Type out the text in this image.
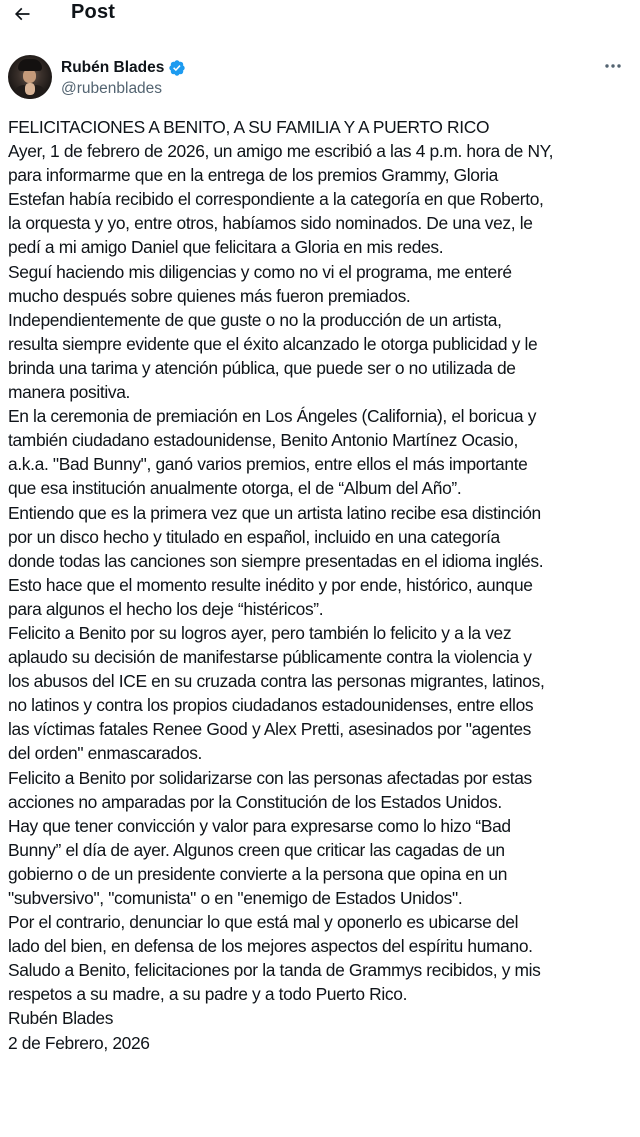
Post
Rubén Blades
@rubenblades
FELICITACIONES A BENITO, A SU FAMILIA Y A PUERTO RICO
Ayer, 1 de febrero de 2026, un amigo me escribió a las 4 p.m. hora de NY,
para informarme que en la entrega de los premios Grammy, Gloria
Estefan había recibido el correspondiente a la categoría en que Roberto,
la orquesta y yo, entre otros, habíamos sido nominados. De una vez, le
pedí a mi amigo Daniel que felicitara a Gloria en mis redes.
Seguí haciendo mis diligencias y como no vi el programa, me enteré
mucho después sobre quienes más fueron premiados.
Independientemente de que guste o no la producción de un artista,
resulta siempre evidente que el éxito alcanzado le otorga publicidad y le
brinda una tarima y atención pública, que puede ser o no utilizada de
manera positiva.
En la ceremonia de premiación en Los Ángeles (California), el boricua y
también ciudadano estadounidense, Benito Antonio Martínez Ocasio,
a.k.a. "Bad Bunny", ganó varios premios, entre ellos el más importante
que esa institución anualmente otorga, el de “Album del Año”.
Entiendo que es la primera vez que un artista latino recibe esa distinción
por un disco hecho y titulado en español, incluido en una categoría
donde todas las canciones son siempre presentadas en el idioma inglés.
Esto hace que el momento resulte inédito y por ende, histórico, aunque
para algunos el hecho los deje “histéricos”.
Felicito a Benito por su logros ayer, pero también lo felicito y a la vez
aplaudo su decisión de manifestarse públicamente contra la violencia y
los abusos del ICE en su cruzada contra las personas migrantes, latinos,
no latinos y contra los propios ciudadanos estadounidenses, entre ellos
las víctimas fatales Renee Good y Alex Pretti, asesinados por "agentes
del orden" enmascarados.
Felicito a Benito por solidarizarse con las personas afectadas por estas
acciones no amparadas por la Constitución de los Estados Unidos.
Hay que tener convicción y valor para expresarse como lo hizo “Bad
Bunny” el día de ayer. Algunos creen que criticar las cagadas de un
gobierno o de un presidente convierte a la persona que opina en un
"subversivo", "comunista" o en "enemigo de Estados Unidos".
Por el contrario, denunciar lo que está mal y oponerlo es ubicarse del
lado del bien, en defensa de los mejores aspectos del espíritu humano.
Saludo a Benito, felicitaciones por la tanda de Grammys recibidos, y mis
respetos a su madre, a su padre y a todo Puerto Rico.
Rubén Blades
2 de Febrero, 2026
